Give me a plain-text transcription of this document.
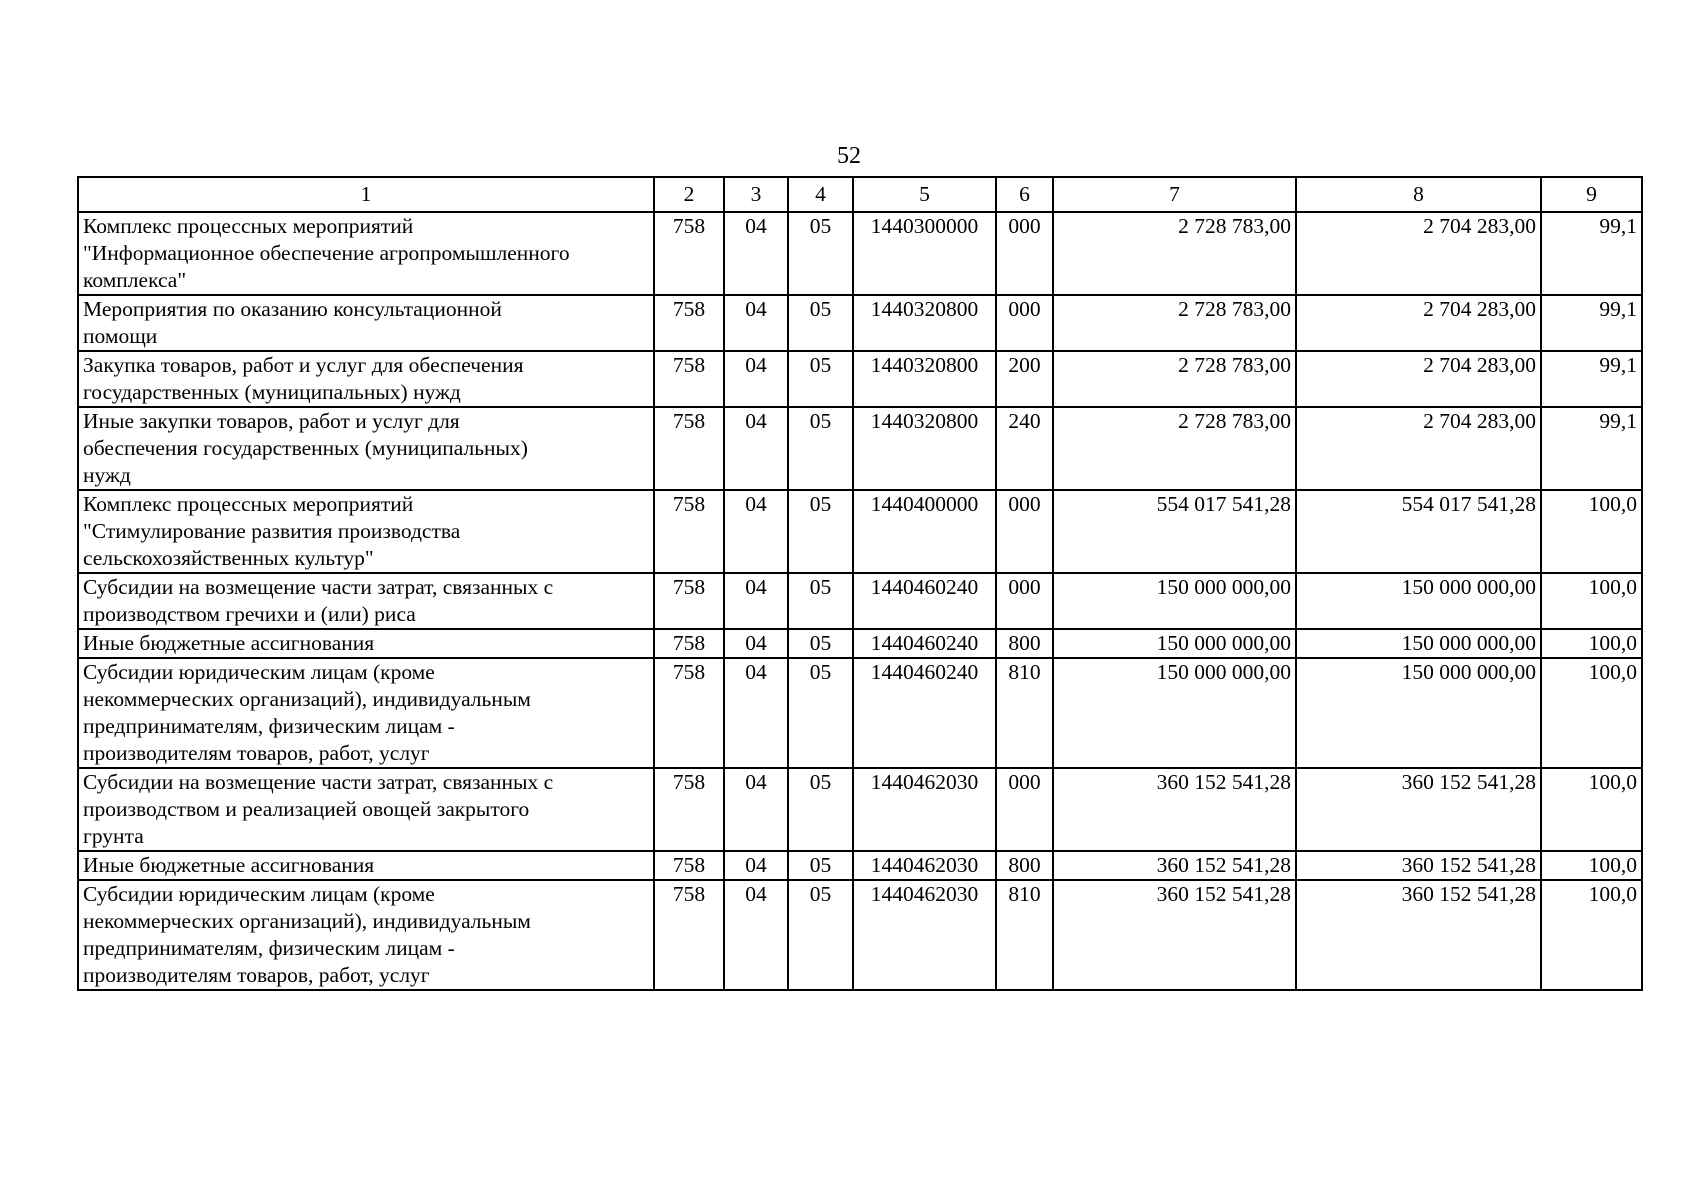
52
1	2	3	4	5	6	7	8	9
Комплекс процессных мероприятий
"Информационное обеспечение агропромышленного
комплекса"	758	04	05	1440300000	000	2 728 783,00	2 704 283,00	99,1
Мероприятия по оказанию консультационной
помощи	758	04	05	1440320800	000	2 728 783,00	2 704 283,00	99,1
Закупка товаров, работ и услуг для обеспечения
государственных (муниципальных) нужд	758	04	05	1440320800	200	2 728 783,00	2 704 283,00	99,1
Иные закупки товаров, работ и услуг для
обеспечения государственных (муниципальных)
нужд	758	04	05	1440320800	240	2 728 783,00	2 704 283,00	99,1
Комплекс процессных мероприятий
"Стимулирование развития производства
сельскохозяйственных культур"	758	04	05	1440400000	000	554 017 541,28	554 017 541,28	100,0
Субсидии на возмещение части затрат, связанных с
производством гречихи и (или) риса	758	04	05	1440460240	000	150 000 000,00	150 000 000,00	100,0
Иные бюджетные ассигнования	758	04	05	1440460240	800	150 000 000,00	150 000 000,00	100,0
Субсидии юридическим лицам (кроме
некоммерческих организаций), индивидуальным
предпринимателям, физическим лицам -
производителям товаров, работ, услуг	758	04	05	1440460240	810	150 000 000,00	150 000 000,00	100,0
Субсидии на возмещение части затрат, связанных с
производством и реализацией овощей закрытого
грунта	758	04	05	1440462030	000	360 152 541,28	360 152 541,28	100,0
Иные бюджетные ассигнования	758	04	05	1440462030	800	360 152 541,28	360 152 541,28	100,0
Субсидии юридическим лицам (кроме
некоммерческих организаций), индивидуальным
предпринимателям, физическим лицам -
производителям товаров, работ, услуг	758	04	05	1440462030	810	360 152 541,28	360 152 541,28	100,0
